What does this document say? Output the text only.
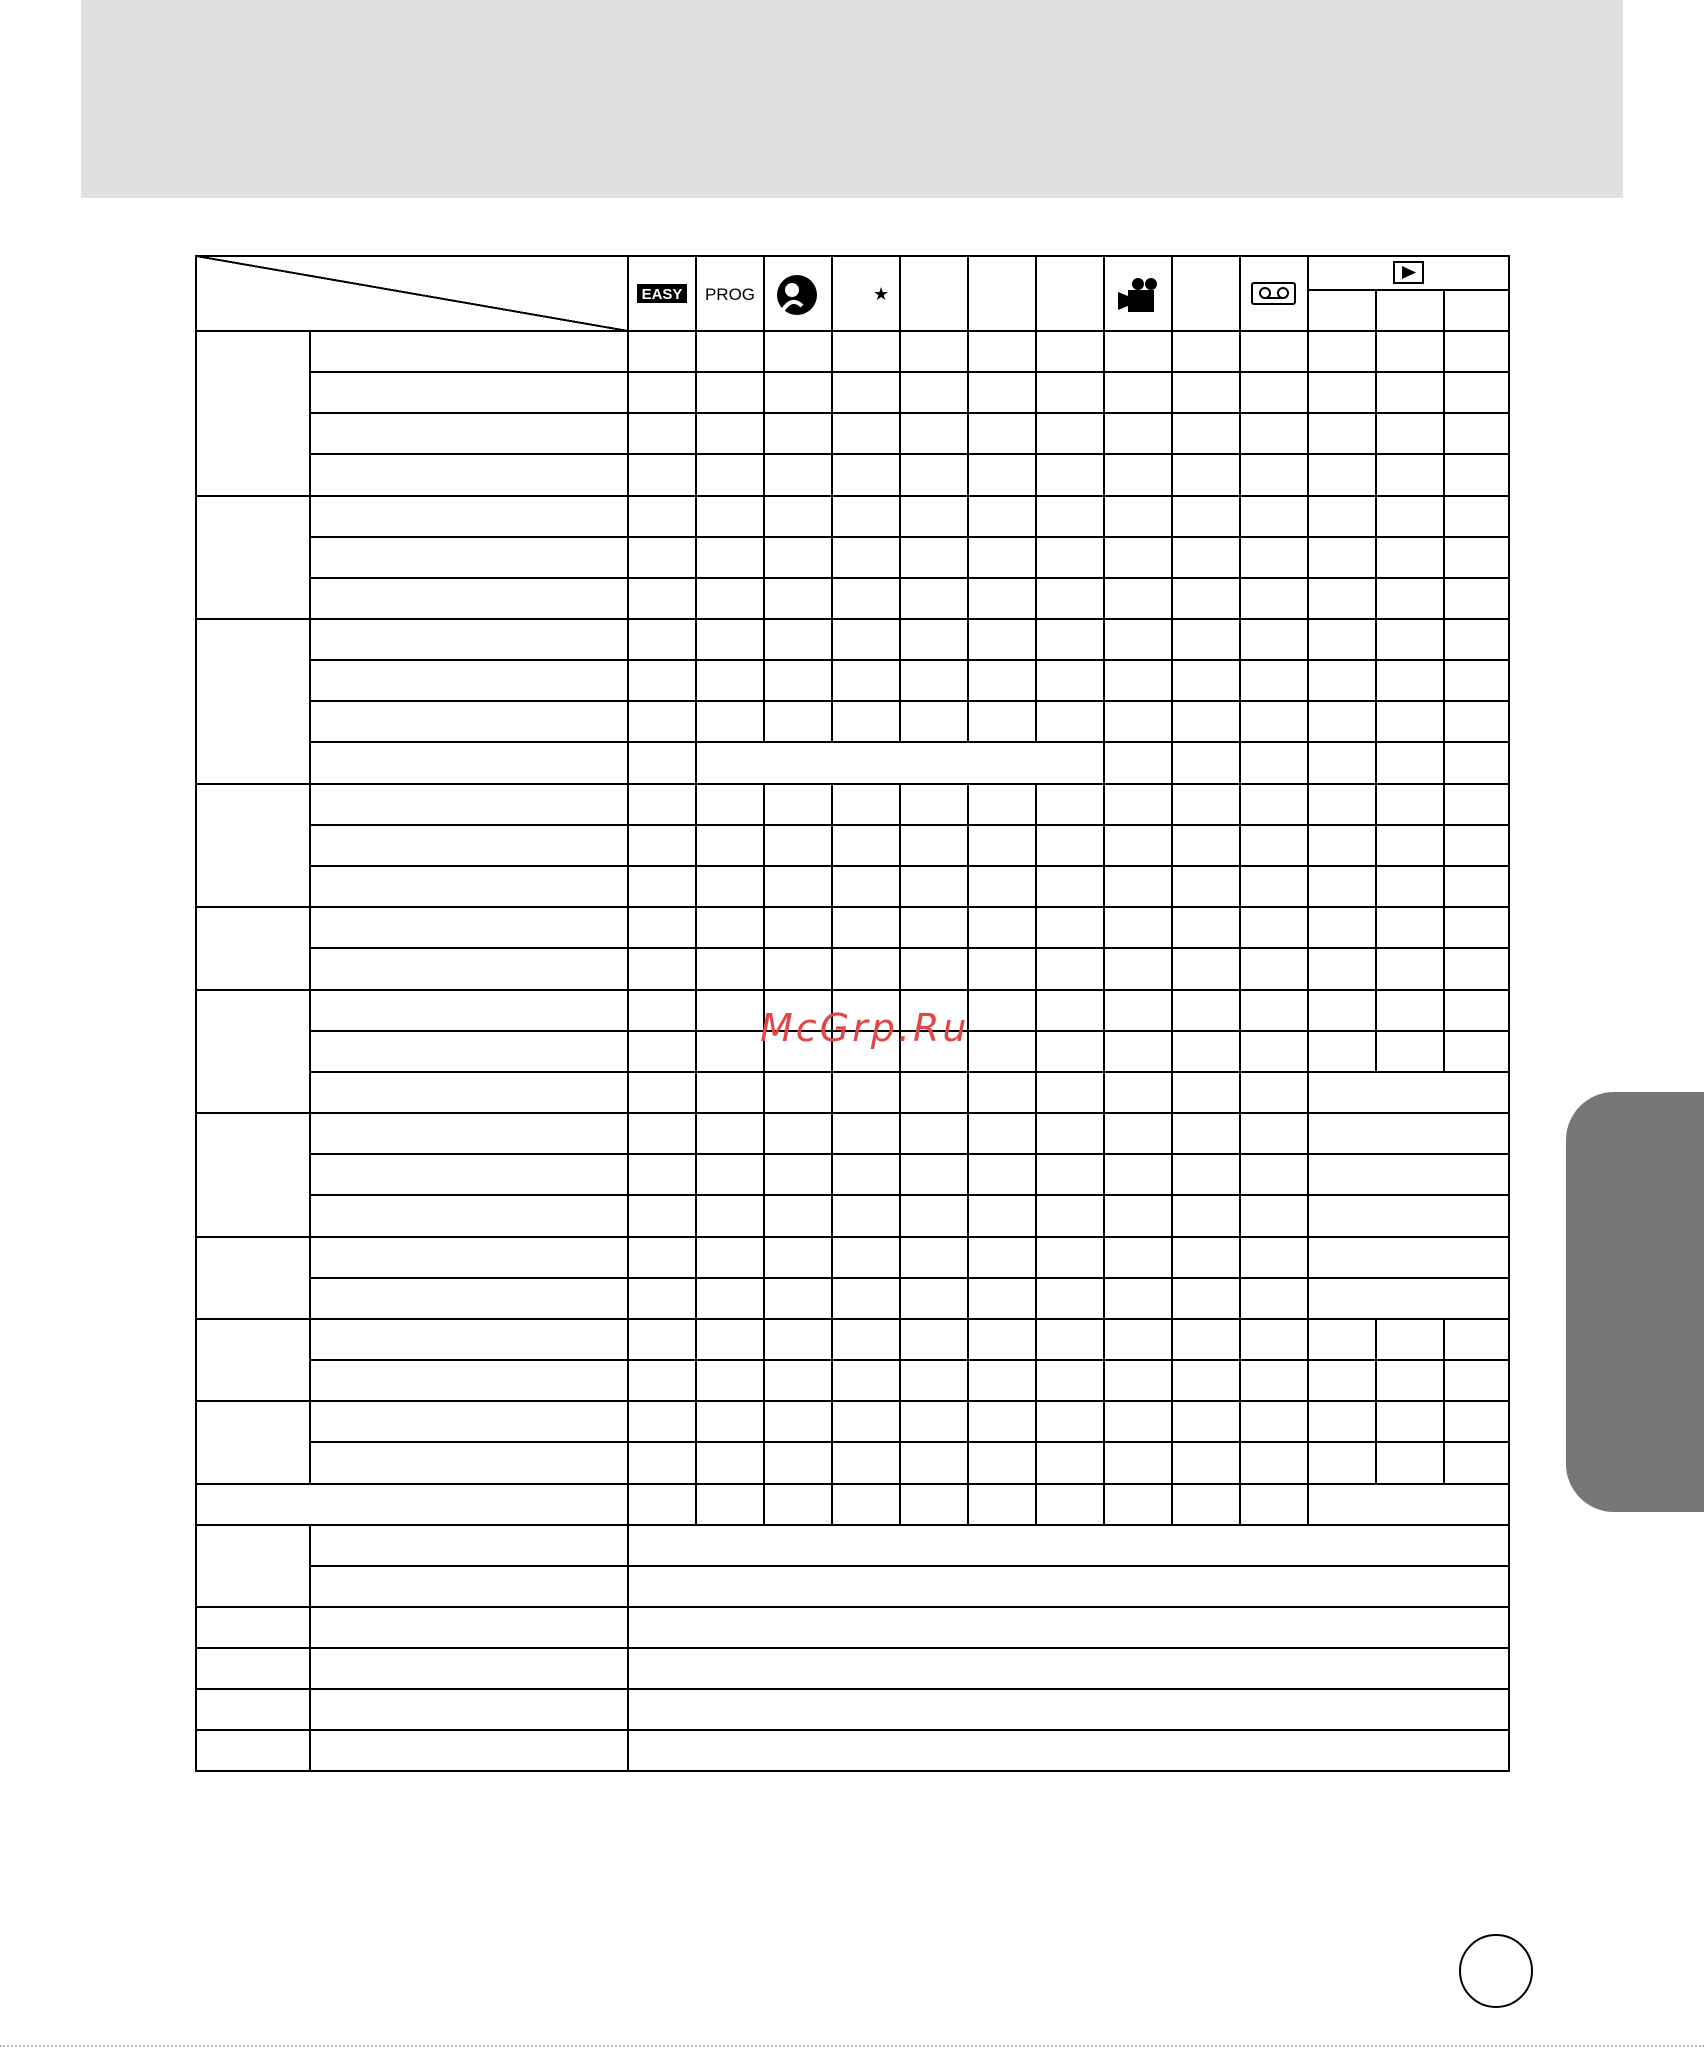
EASY PROG	★
McGrp.Ru
